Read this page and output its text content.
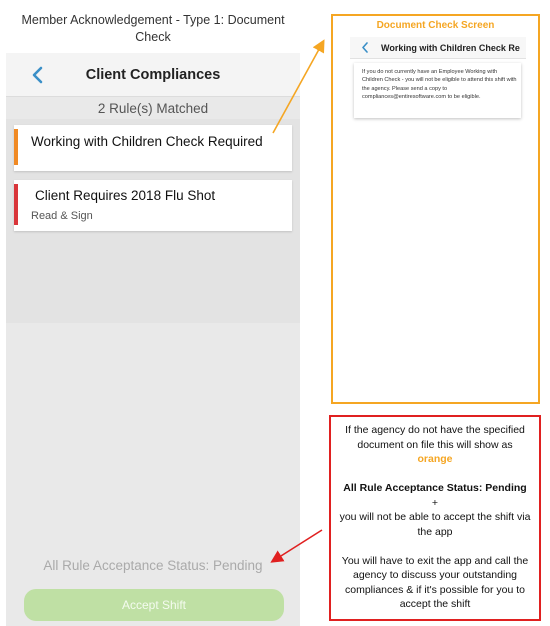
Member Acknowledgement - Type 1: Document Check
Client Compliances
2 Rule(s) Matched
Working with Children Check Required
Client Requires 2018 Flu Shot
Read & Sign
All Rule Acceptance Status: Pending
Accept Shift
Document Check Screen
Working with Children Check Re
If you do not currently have an Employee Working with Children Check - you will not be eligible to attend this shift with the agency. Please send a copy to compliances@entiresoftware.com to be eligible.
If the agency do not have the specified document on file this will show as
orange
All Rule Acceptance Status: Pending
+
you will not be able to accept the shift via the app
You will have to exit the app and call the agency to discuss your outstanding compliances & if it's possible for you to accept the shift
